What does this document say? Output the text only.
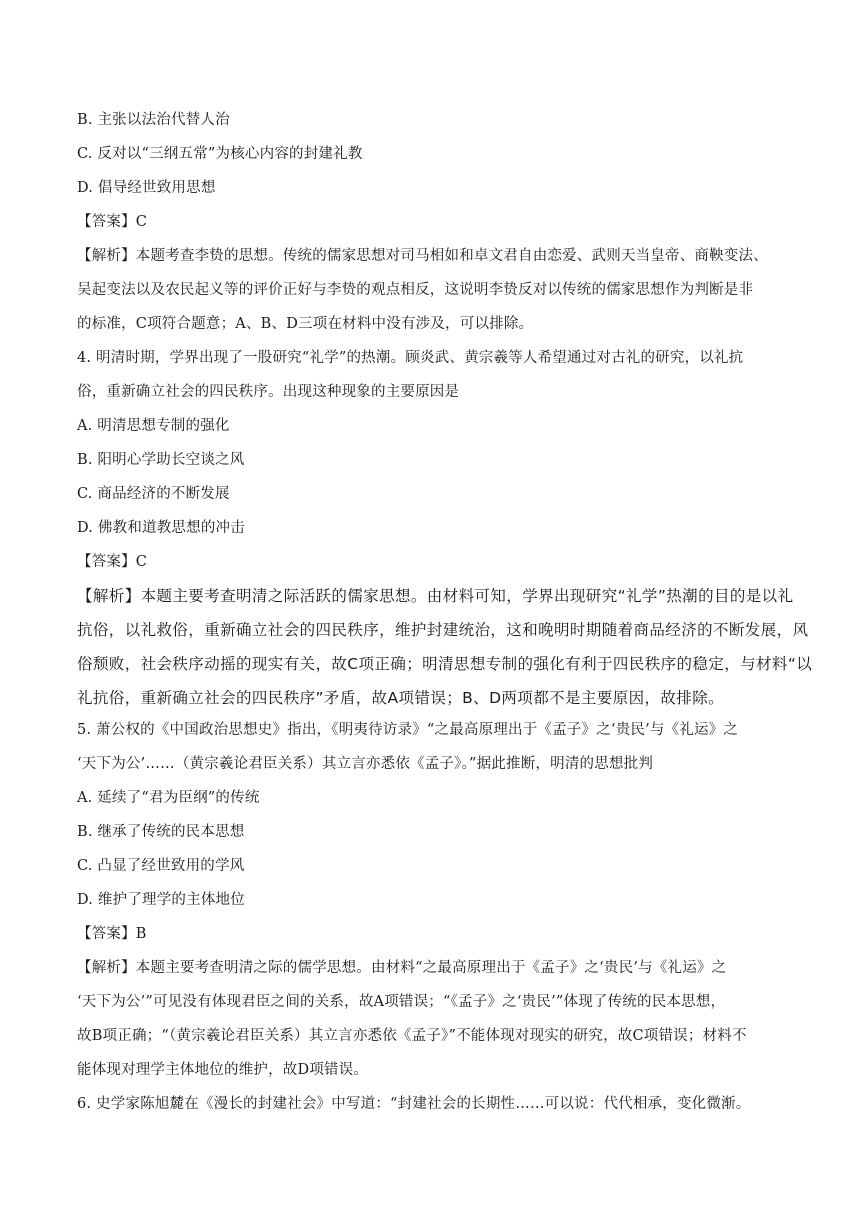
B. 主张以法治代替人治
C. 反对以“三纲五常”为核心内容的封建礼教
D. 倡导经世致用思想
【答案】C
【解析】本题考查李贽的思想。传统的儒家思想对司马相如和卓文君自由恋爱、武则天当皇帝、商鞅变法、
吴起变法以及农民起义等的评价正好与李贽的观点相反，这说明李贽反对以传统的儒家思想作为判断是非
的标准，C项符合题意；A、B、D三项在材料中没有涉及，可以排除。
4. 明清时期，学界出现了一股研究“礼学”的热潮。顾炎武、黄宗羲等人希望通过对古礼的研究，以礼抗
俗，重新确立社会的四民秩序。出现这种现象的主要原因是
A. 明清思想专制的强化
B. 阳明心学助长空谈之风
C. 商品经济的不断发展
D. 佛教和道教思想的冲击
【答案】C
【解析】本题主要考查明清之际活跃的儒家思想。由材料可知，学界出现研究“礼学”热潮的目的是以礼
抗俗，以礼救俗，重新确立社会的四民秩序，维护封建统治，这和晚明时期随着商品经济的不断发展，风
俗颓败，社会秩序动摇的现实有关，故C项正确；明清思想专制的强化有利于四民秩序的稳定，与材料“以
礼抗俗，重新确立社会的四民秩序”矛盾，故A项错误；B、D两项都不是主要原因，故排除。
5. 萧公权的《中国政治思想史》指出，《明夷待访录》“之最高原理出于《孟子》之‘贵民’与《礼运》之
‘天下为公’……（黄宗羲论君臣关系）其立言亦悉依《孟子》。”据此推断，明清的思想批判
A. 延续了“君为臣纲”的传统
B. 继承了传统的民本思想
C. 凸显了经世致用的学风
D. 维护了理学的主体地位
【答案】B
【解析】本题主要考查明清之际的儒学思想。由材料“之最高原理出于《孟子》之‘贵民’与《礼运》之
‘天下为公’”可见没有体现君臣之间的关系，故A项错误；“《孟子》之‘贵民’”体现了传统的民本思想，
故B项正确；“（黄宗羲论君臣关系）其立言亦悉依《孟子》”不能体现对现实的研究，故C项错误；材料不
能体现对理学主体地位的维护，故D项错误。
6. 史学家陈旭麓在《漫长的封建社会》中写道：“封建社会的长期性……可以说：代代相承，变化微渐。
